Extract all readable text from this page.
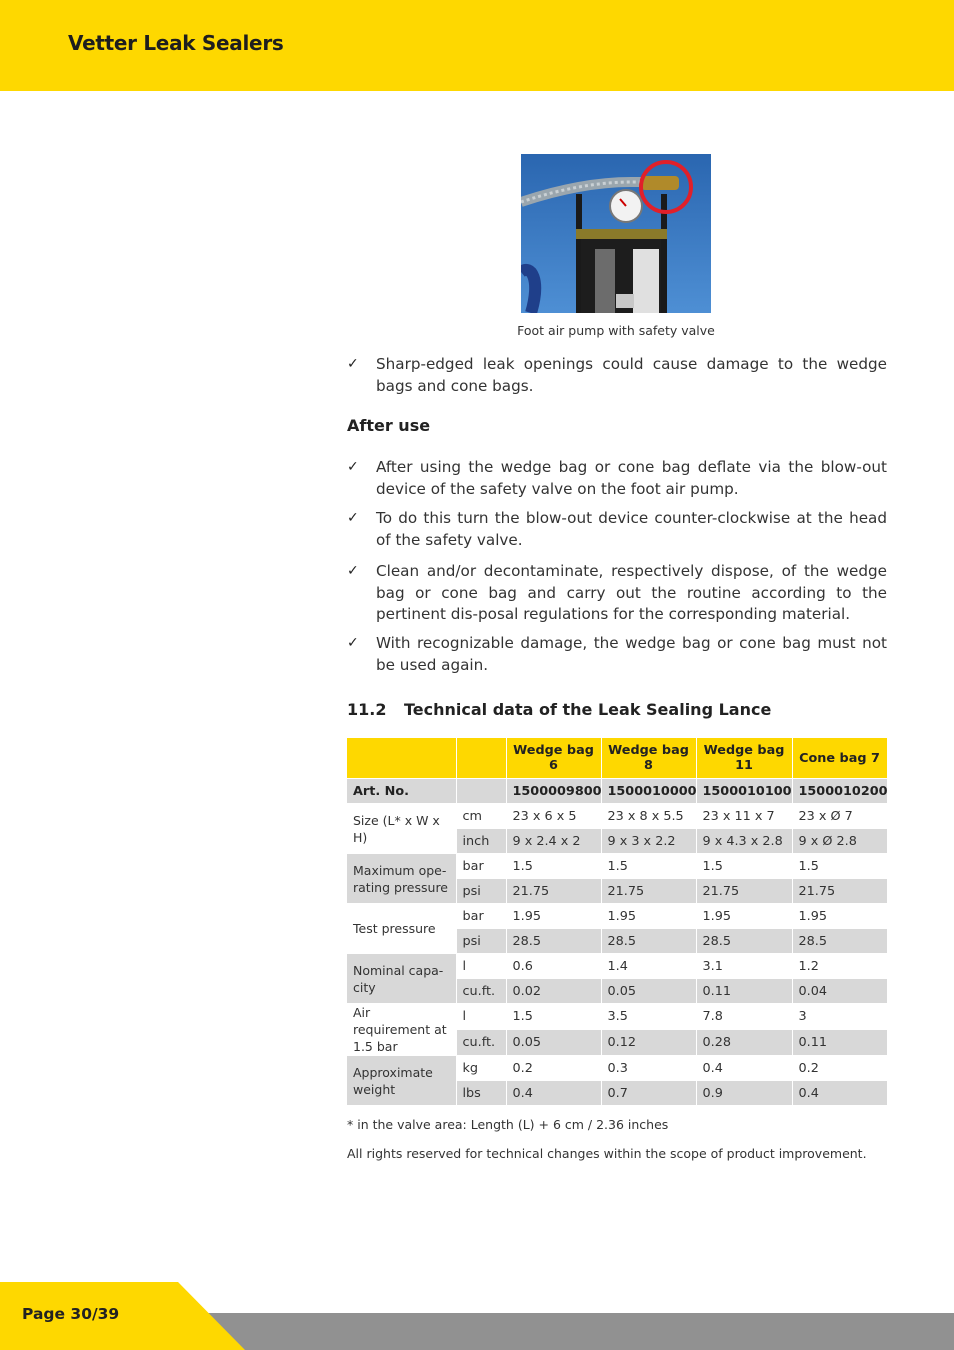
Vetter Leak Sealers
Foot air pump with safety valve
✓	Sharp-edged leak openings could cause damage to the wedge bags and cone bags.
After use
✓	After using the wedge bag or cone bag deflate via the blow-out device of the safety valve on the foot air pump.
✓	To do this turn the blow-out device counter-clockwise at the head of the safety valve.
✓	Clean and/or decontaminate, respectively dispose, of the wedge bag or cone bag and carry out the routine according to the pertinent dis-posal regulations for the corresponding material.
✓	With recognizable damage, the wedge bag or cone bag must not be used again.
11.2 Technical data of the Leak Sealing Lance
		Wedge bag 6	Wedge bag 8	Wedge bag 11	Cone bag 7
Art. No.		1500009800	1500010000	1500010100	1500010200
Size (L* x W x H)	cm	23 x 6 x 5	23 x 8 x 5.5	23 x 11 x 7	23 x Ø 7
	inch	9 x 2.4 x 2	9 x 3 x 2.2	9 x 4.3 x 2.8	9 x Ø 2.8
Maximum ope-rating pressure	bar	1.5	1.5	1.5	1.5
	psi	21.75	21.75	21.75	21.75
Test pressure	bar	1.95	1.95	1.95	1.95
	psi	28.5	28.5	28.5	28.5
Nominal capa-city	l	0.6	1.4	3.1	1.2
	cu.ft.	0.02	0.05	0.11	0.04
Air requirement at 1.5 bar	l	1.5	3.5	7.8	3
	cu.ft.	0.05	0.12	0.28	0.11
Approximate weight	kg	0.2	0.3	0.4	0.2
	lbs	0.4	0.7	0.9	0.4
* in the valve area: Length (L) + 6 cm / 2.36 inches
All rights reserved for technical changes within the scope of product improvement.
Page 30/39
